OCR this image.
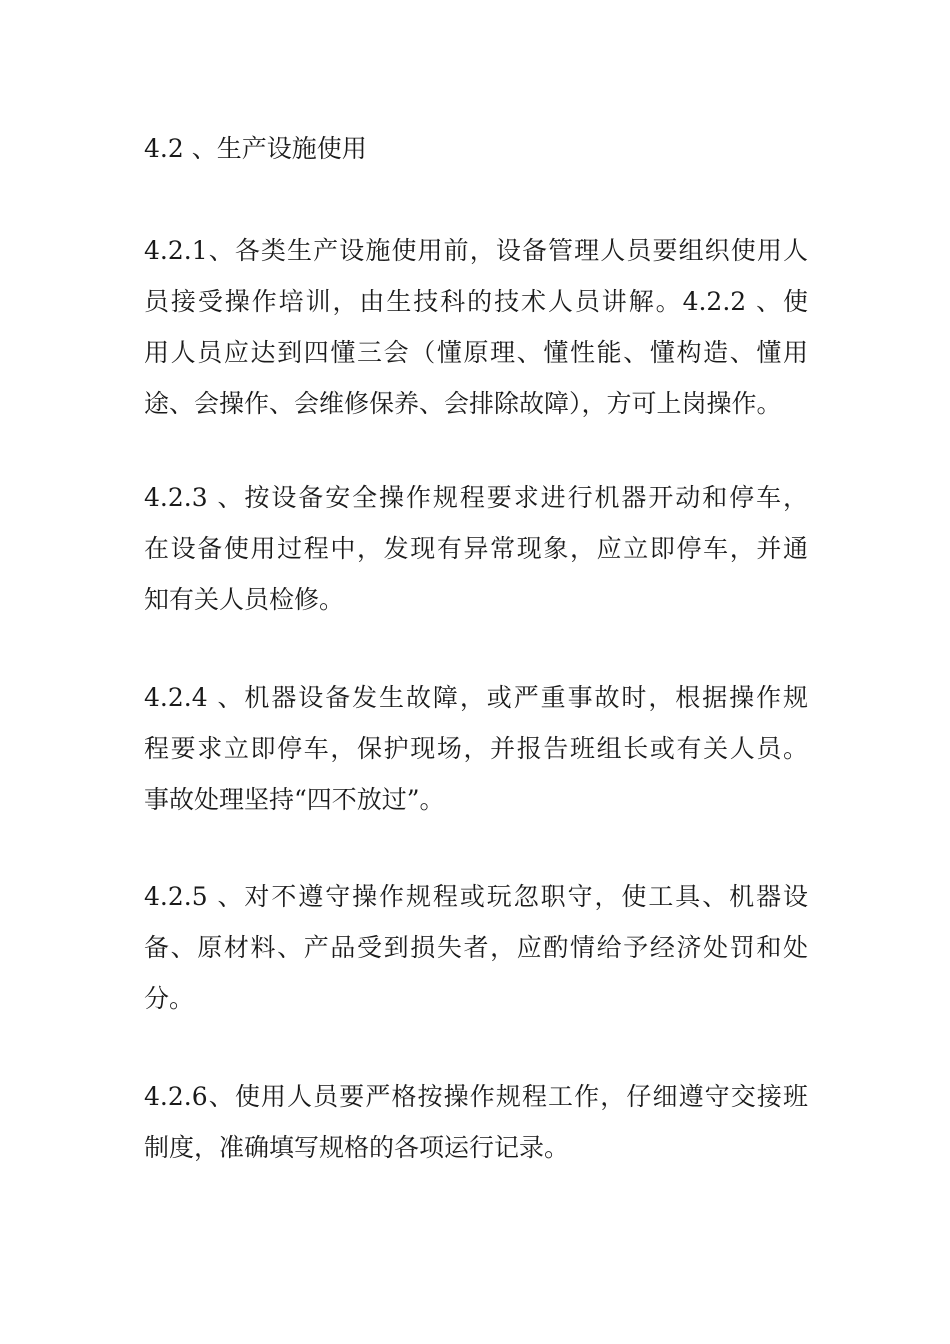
4.2 、生产设施使用

4.2.1、各类生产设施使用前，设备管理人员要组织使用人
员接受操作培训，由生技科的技术人员讲解。4.2.2 、使
用人员应达到四懂三会（懂原理、懂性能、懂构造、懂用
途、会操作、会维修保养、会排除故障），方可上岗操作。

4.2.3 、按设备安全操作规程要求进行机器开动和停车，
在设备使用过程中，发现有异常现象，应立即停车，并通
知有关人员检修。

4.2.4 、机器设备发生故障，或严重事故时，根据操作规
程要求立即停车，保护现场，并报告班组长或有关人员。
事故处理坚持“四不放过”。

4.2.5 、对不遵守操作规程或玩忽职守，使工具、机器设
备、原材料、产品受到损失者，应酌情给予经济处罚和处
分。

4.2.6、使用人员要严格按操作规程工作，仔细遵守交接班
制度，准确填写规格的各项运行记录。
